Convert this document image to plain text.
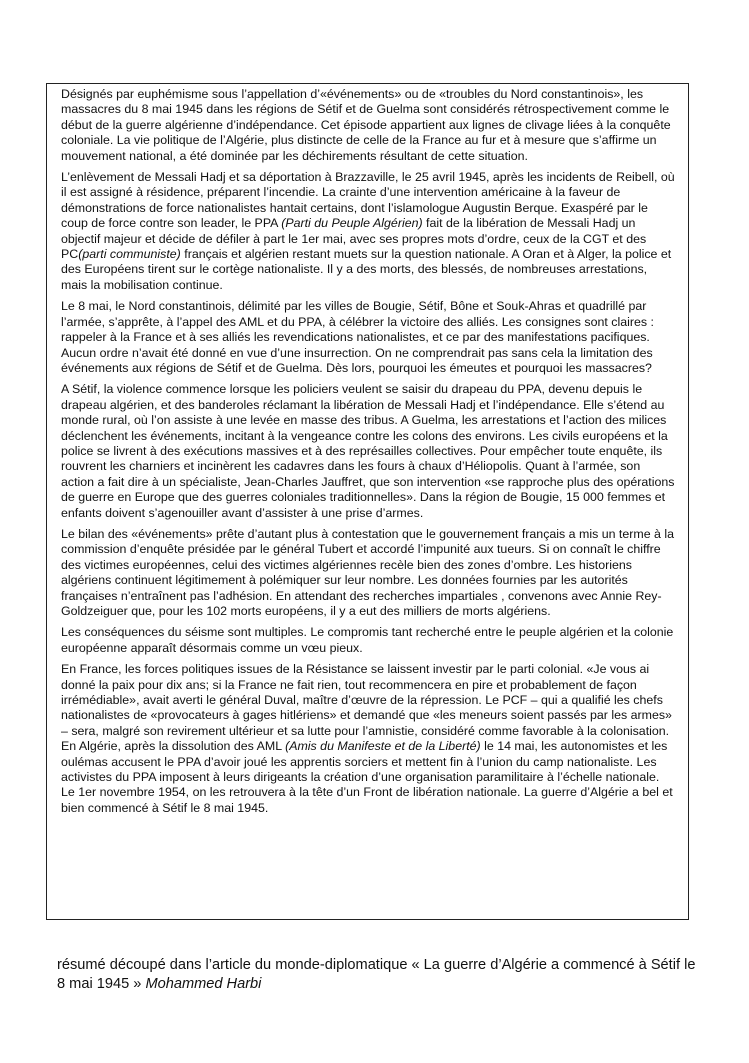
Désignés par euphémisme sous l’appellation d’«événements» ou de «troubles du Nord constantinois», les massacres du 8 mai 1945 dans les régions de Sétif et de Guelma sont considérés rétrospectivement comme le début de la guerre algérienne d’indépendance. Cet épisode appartient aux lignes de clivage liées à la conquête coloniale. La vie politique de l’Algérie, plus distincte de celle de la France au fur et à mesure que s’affirme un mouvement national, a été dominée par les déchirements résultant de cette situation.

L’enlèvement de Messali Hadj et sa déportation à Brazzaville, le 25 avril 1945, après les incidents de Reibell, où il est assigné à résidence, préparent l’incendie. La crainte d’une intervention américaine à la faveur de démonstrations de force nationalistes hantait certains, dont l’islamologue Augustin Berque. Exaspéré par le coup de force contre son leader, le PPA (Parti du Peuple Algérien) fait de la libération de Messali Hadj un objectif majeur et décide de défiler à part le 1er mai, avec ses propres mots d’ordre, ceux de la CGT et des PC(parti communiste) français et algérien restant muets sur la question nationale. A Oran et à Alger, la police et des Européens tirent sur le cortège nationaliste. Il y a des morts, des blessés, de nombreuses arrestations, mais la mobilisation continue.

Le 8 mai, le Nord constantinois, délimité par les villes de Bougie, Sétif, Bône et Souk-Ahras et quadrillé par l’armée, s’apprête, à l’appel des AML et du PPA, à célébrer la victoire des alliés. Les consignes sont claires : rappeler à la France et à ses alliés les revendications nationalistes, et ce par des manifestations pacifiques. Aucun ordre n’avait été donné en vue d’une insurrection. On ne comprendrait pas sans cela la limitation des événements aux régions de Sétif et de Guelma. Dès lors, pourquoi les émeutes et pourquoi les massacres?

A Sétif, la violence commence lorsque les policiers veulent se saisir du drapeau du PPA, devenu depuis le drapeau algérien, et des banderoles réclamant la libération de Messali Hadj et l’indépendance. Elle s’étend au monde rural, où l’on assiste à une levée en masse des tribus. A Guelma, les arrestations et l’action des milices déclenchent les événements, incitant à la vengeance contre les colons des environs. Les civils européens et la police se livrent à des exécutions massives et à des représailles collectives. Pour empêcher toute enquête, ils rouvrent les charniers et incinèrent les cadavres dans les fours à chaux d’Héliopolis. Quant à l’armée, son action a fait dire à un spécialiste, Jean-Charles Jauffret, que son intervention «se rapproche plus des opérations de guerre en Europe que des guerres coloniales traditionnelles». Dans la région de Bougie, 15 000 femmes et enfants doivent s’agenouiller avant d’assister à une prise d’armes.

Le bilan des «événements» prête d’autant plus à contestation que le gouvernement français a mis un terme à la commission d’enquête présidée par le général Tubert et accordé l’impunité aux tueurs. Si on connaît le chiffre des victimes européennes, celui des victimes algériennes recèle bien des zones d’ombre. Les historiens algériens continuent légitimement à polémiquer sur leur nombre. Les données fournies par les autorités françaises n’entraînent pas l’adhésion. En attendant des recherches impartiales , convenons avec Annie Rey-Goldzeiguer que, pour les 102 morts européens, il y a eut des milliers de morts algériens.

Les conséquences du séisme sont multiples. Le compromis tant recherché entre le peuple algérien et la colonie européenne apparaît désormais comme un vœu pieux.

En France, les forces politiques issues de la Résistance se laissent investir par le parti colonial. «Je vous ai donné la paix pour dix ans; si la France ne fait rien, tout recommencera en pire et probablement de façon irrémédiable», avait averti le général Duval, maître d’œuvre de la répression. Le PCF – qui a qualifié les chefs nationalistes de «provocateurs à gages hitlériens» et demandé que «les meneurs soient passés par les armes» – sera, malgré son revirement ultérieur et sa lutte pour l’amnistie, considéré comme favorable à la colonisation. En Algérie, après la dissolution des AML (Amis du Manifeste et de la Liberté) le 14 mai, les autonomistes et les oulémas accusent le PPA d’avoir joué les apprentis sorciers et mettent fin à l’union du camp nationaliste. Les activistes du PPA imposent à leurs dirigeants la création d’une organisation paramilitaire à l’échelle nationale. Le 1er novembre 1954, on les retrouvera à la tête d’un Front de libération nationale. La guerre d’Algérie a bel et bien commencé à Sétif le 8 mai 1945.

résumé découpé dans l’article du monde-diplomatique « La guerre d’Algérie a commencé à Sétif le 8 mai 1945 » Mohammed Harbi
